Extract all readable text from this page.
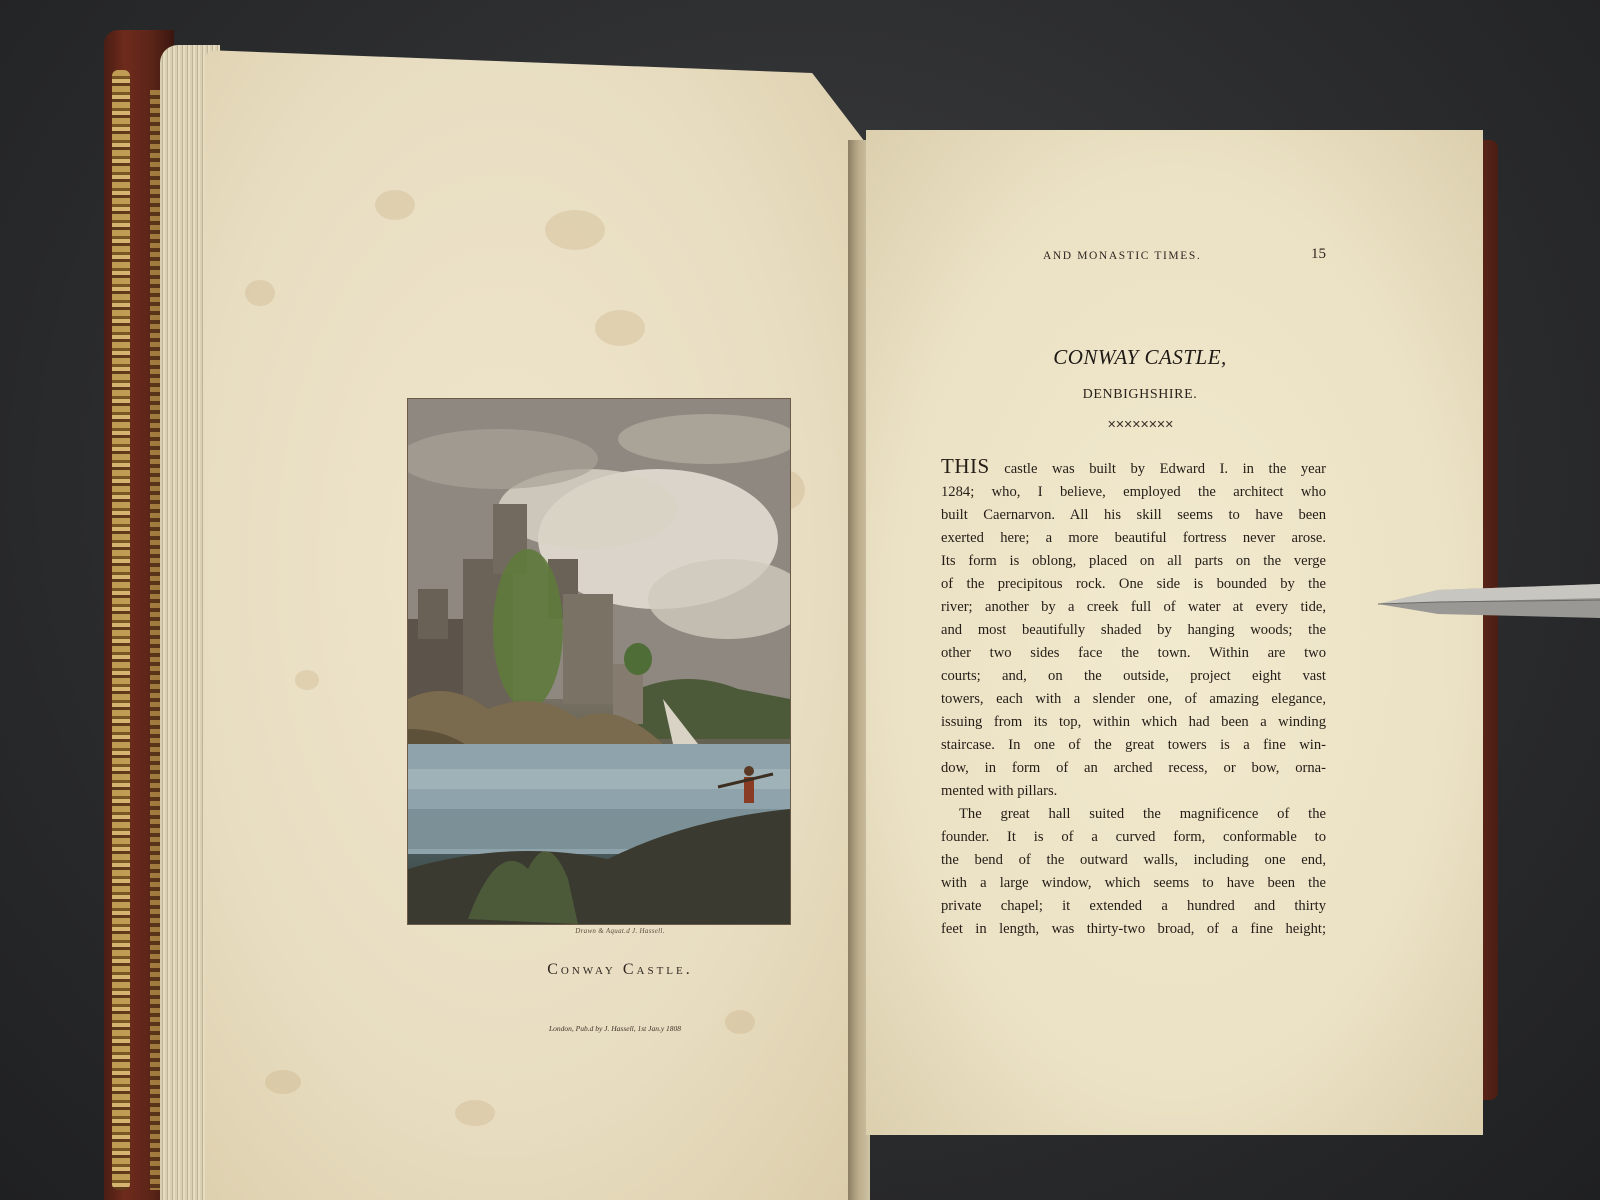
Drawn & Aquat.d J. Hassell.
Conway Castle.
London, Pub.d by J. Hassell, 1st Jan.y 1808
AND MONASTIC TIMES.	15
CONWAY CASTLE,
DENBIGHSHIRE.
✕✕✕✕✕✕✕✕

THIS castle was built by Edward I. in the year
1284; who, I believe, employed the architect who
built Caernarvon. All his skill seems to have been
exerted here; a more beautiful fortress never arose.
Its form is oblong, placed on all parts on the verge
of the precipitous rock. One side is bounded by the
river; another by a creek full of water at every tide,
and most beautifully shaded by hanging woods; the
other two sides face the town. Within are two
courts; and, on the outside, project eight vast
towers, each with a slender one, of amazing elegance,
issuing from its top, within which had been a winding
staircase. In one of the great towers is a fine win-
dow, in form of an arched recess, or bow, orna-
mented with pillars.

The great hall suited the magnificence of the
founder. It is of a curved form, conformable to
the bend of the outward walls, including one end,
with a large window, which seems to have been the
private chapel; it extended a hundred and thirty
feet in length, was thirty-two broad, of a fine height;
